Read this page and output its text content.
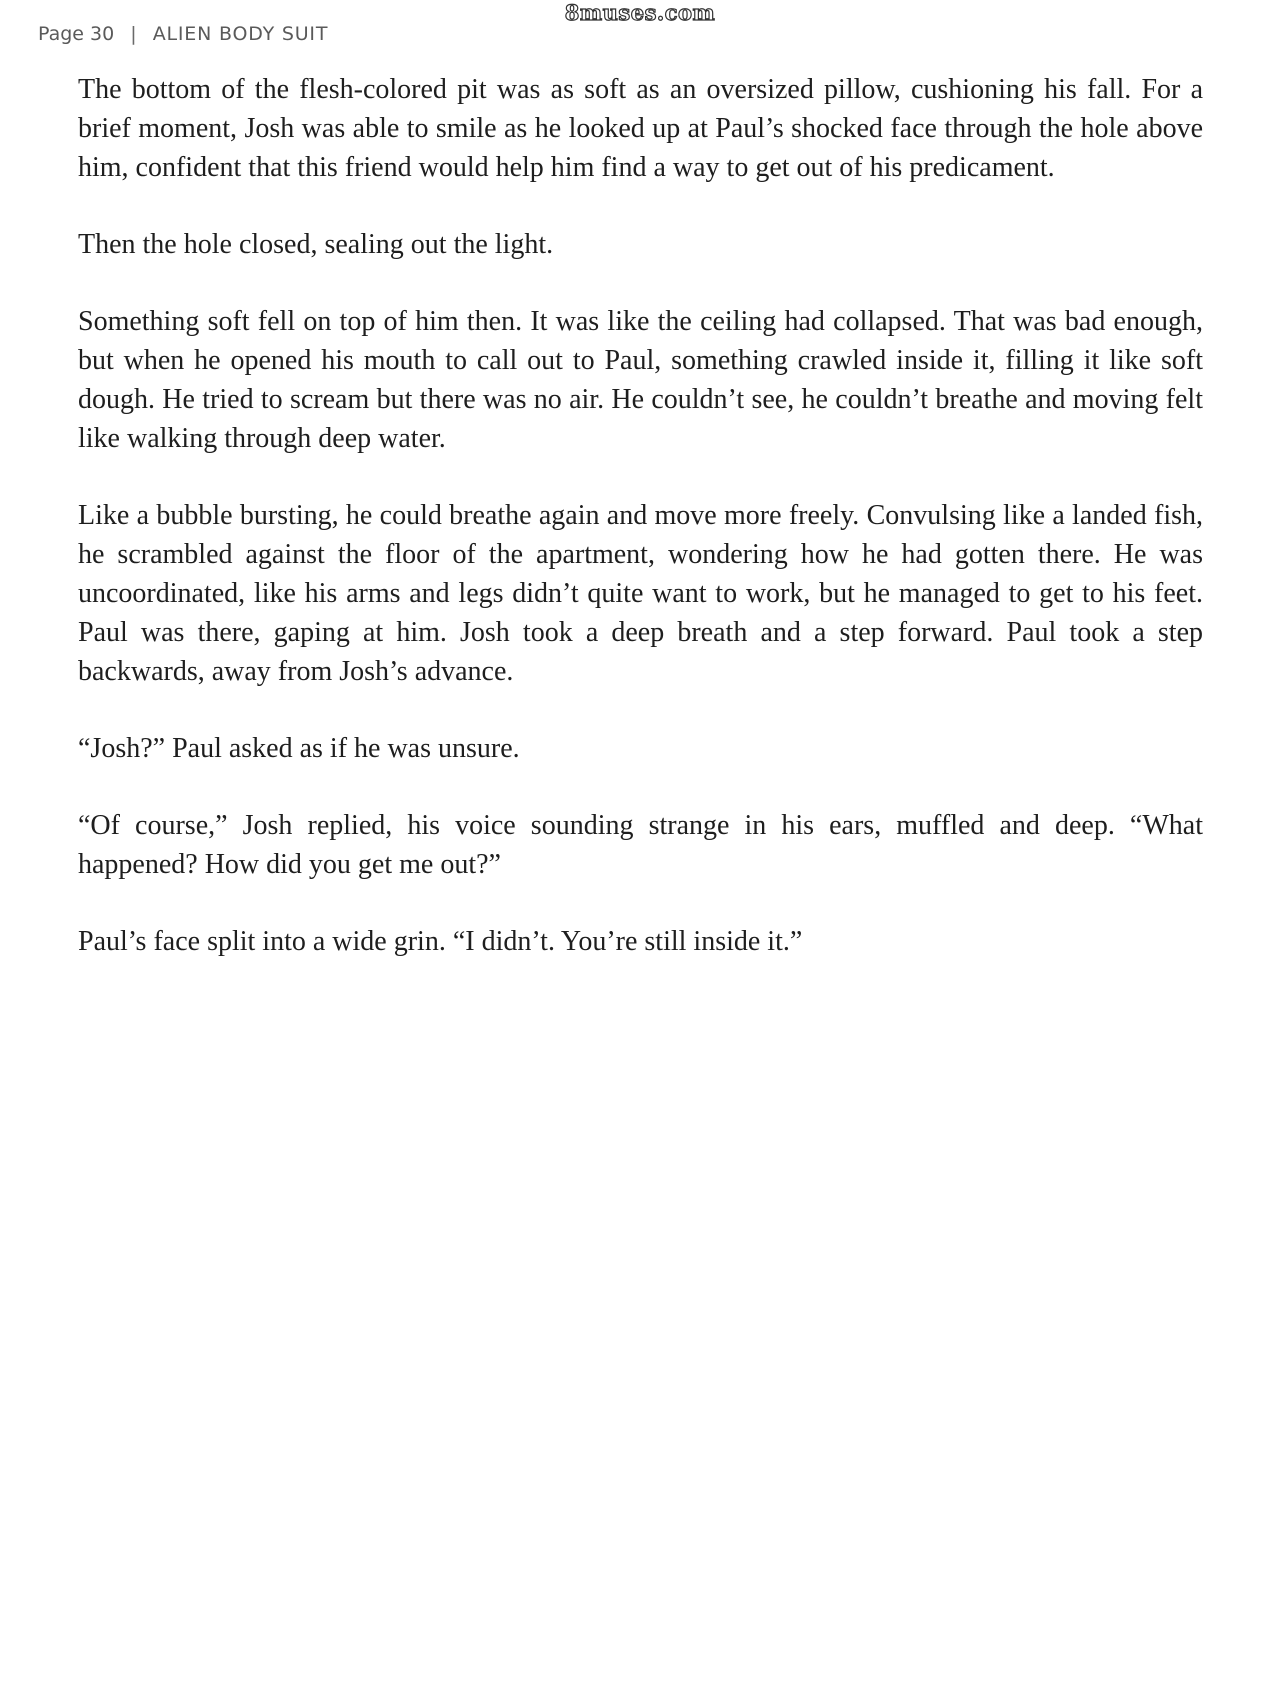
8muses.com
Page 30 | ALIEN BODY SUIT

The bottom of the flesh-colored pit was as soft as an oversized pillow, cushioning his fall. For a brief moment, Josh was able to smile as he looked up at Paul’s shocked face through the hole above him, confident that this friend would help him find a way to get out of his predicament.

Then the hole closed, sealing out the light.

Something soft fell on top of him then. It was like the ceiling had collapsed. That was bad enough, but when he opened his mouth to call out to Paul, something crawled inside it, filling it like soft dough. He tried to scream but there was no air. He couldn’t see, he couldn’t breathe and moving felt like walking through deep water.

Like a bubble bursting, he could breathe again and move more freely. Convulsing like a landed fish, he scrambled against the floor of the apartment, wondering how he had gotten there. He was uncoordinated, like his arms and legs didn’t quite want to work, but he managed to get to his feet. Paul was there, gaping at him. Josh took a deep breath and a step forward. Paul took a step backwards, away from Josh’s advance.

“Josh?” Paul asked as if he was unsure.

“Of course,” Josh replied, his voice sounding strange in his ears, muffled and deep. “What happened? How did you get me out?”

Paul’s face split into a wide grin. “I didn’t. You’re still inside it.”
